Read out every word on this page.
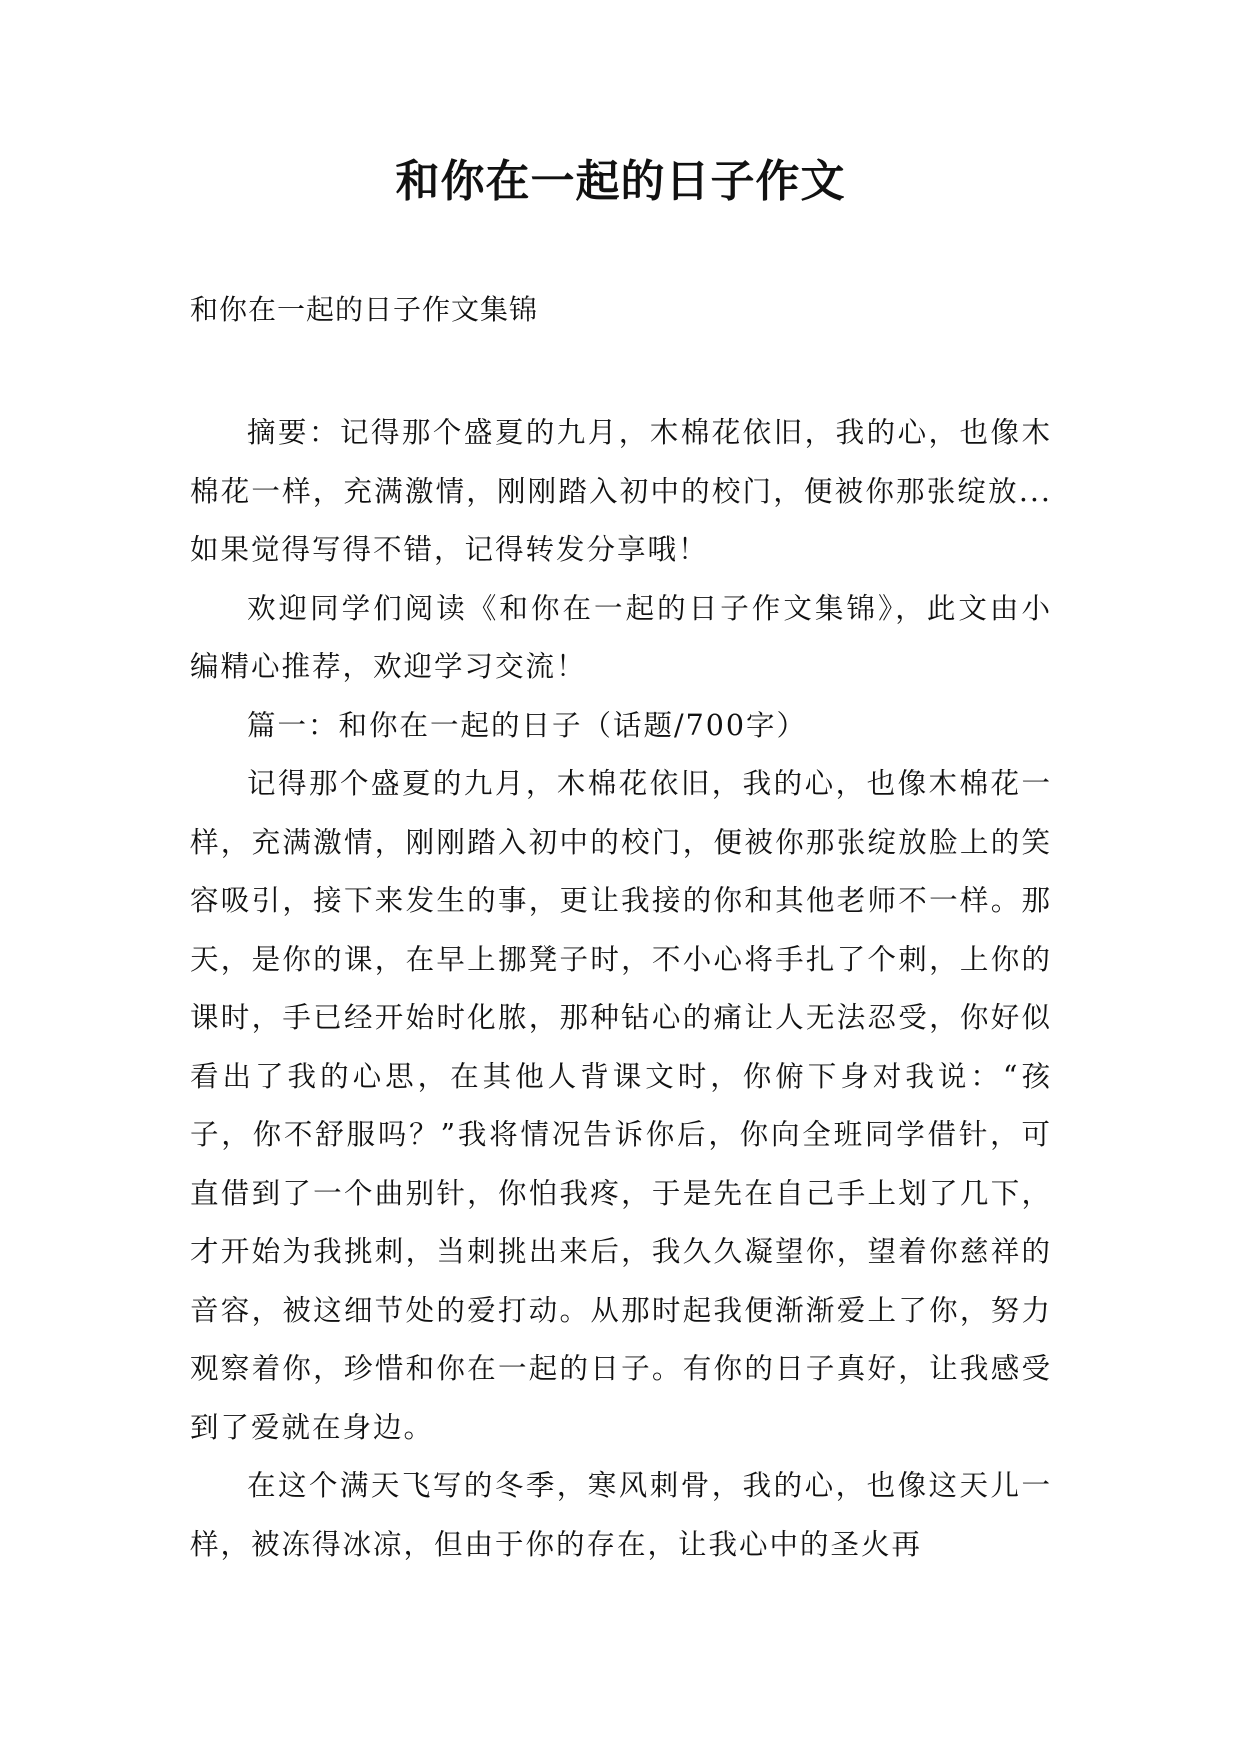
和你在一起的日子作文

和你在一起的日子作文集锦

摘要：记得那个盛夏的九月，木棉花依旧，我的心，也像木棉花一样，充满激情，刚刚踏入初中的校门，便被你那张绽放... 如果觉得写得不错，记得转发分享哦！

欢迎同学们阅读《和你在一起的日子作文集锦》，此文由小编精心推荐，欢迎学习交流！

篇一：和你在一起的日子（话题/700字）

记得那个盛夏的九月，木棉花依旧，我的心，也像木棉花一样，充满激情，刚刚踏入初中的校门，便被你那张绽放脸上的笑容吸引，接下来发生的事，更让我接的你和其他老师不一样。那天，是你的课，在早上挪凳子时，不小心将手扎了个刺，上你的课时，手已经开始时化脓，那种钻心的痛让人无法忍受，你好似看出了我的心思，在其他人背课文时，你俯下身对我说：“孩子，你不舒服吗？”我将情况告诉你后，你向全班同学借针，可直借到了一个曲别针，你怕我疼，于是先在自己手上划了几下，才开始为我挑刺，当刺挑出来后，我久久凝望你，望着你慈祥的音容，被这细节处的爱打动。从那时起我便渐渐爱上了你，努力观察着你，珍惜和你在一起的日子。有你的日子真好，让我感受到了爱就在身边。

在这个满天飞写的冬季，寒风刺骨，我的心，也像这天儿一样，被冻得冰凉，但由于你的存在，让我心中的圣火再
